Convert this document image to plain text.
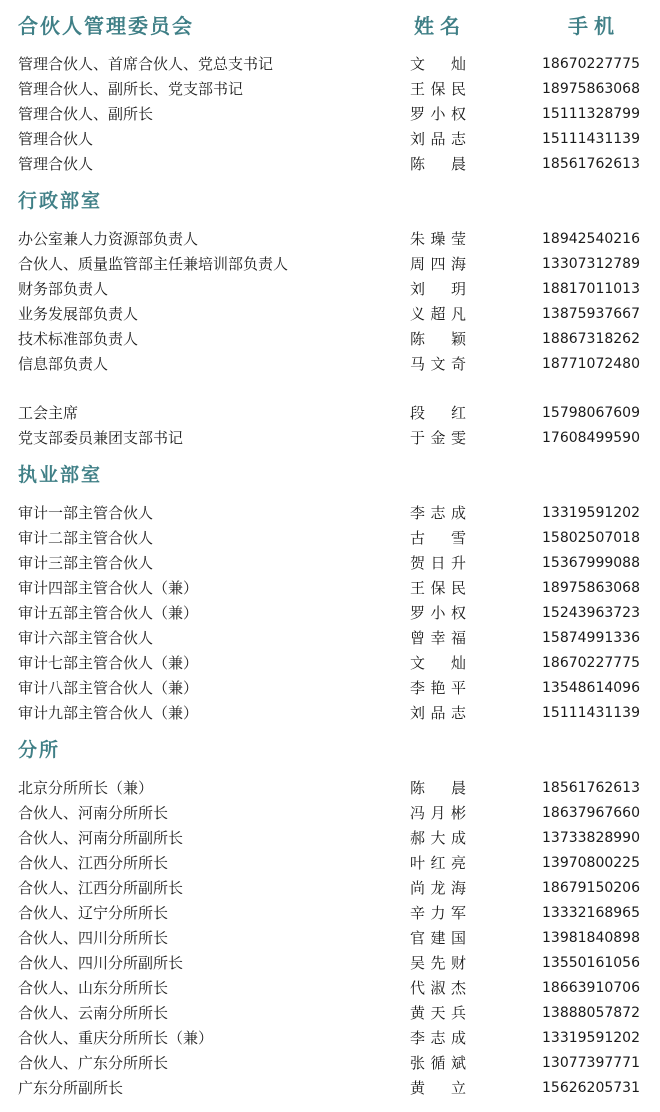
合伙人管理委员会	姓名	手机
管理合伙人、首席合伙人、党总支书记	文　灿	18670227775
管理合伙人、副所长、党支部书记	王保民	18975863068
管理合伙人、副所长	罗小权	15111328799
管理合伙人	刘品志	15111431139
管理合伙人	陈　晨	18561762613
行政部室
办公室兼人力资源部负责人	朱璪莹	18942540216
合伙人、质量监管部主任兼培训部负责人	周四海	13307312789
财务部负责人	刘　玥	18817011013
业务发展部负责人	义超凡	13875937667
技术标准部负责人	陈　颖	18867318262
信息部负责人	马文奇	18771072480
工会主席	段　红	15798067609
党支部委员兼团支部书记	于金雯	17608499590
执业部室
审计一部主管合伙人	李志成	13319591202
审计二部主管合伙人	古　雪	15802507018
审计三部主管合伙人	贺日升	15367999088
审计四部主管合伙人（兼）	王保民	18975863068
审计五部主管合伙人（兼）	罗小权	15243963723
审计六部主管合伙人	曾幸福	15874991336
审计七部主管合伙人（兼）	文　灿	18670227775
审计八部主管合伙人（兼）	李艳平	13548614096
审计九部主管合伙人（兼）	刘品志	15111431139
分所
北京分所所长（兼）	陈　晨	18561762613
合伙人、河南分所所长	冯月彬	18637967660
合伙人、河南分所副所长	郝大成	13733828990
合伙人、江西分所所长	叶红亮	13970800225
合伙人、江西分所副所长	尚龙海	18679150206
合伙人、辽宁分所所长	辛力军	13332168965
合伙人、四川分所所长	官建国	13981840898
合伙人、四川分所副所长	吴先财	13550161056
合伙人、山东分所所长	代淑杰	18663910706
合伙人、云南分所所长	黄天兵	13888057872
合伙人、重庆分所所长（兼）	李志成	13319591202
合伙人、广东分所所长	张循斌	13077397771
广东分所副所长	黄　立	15626205731
